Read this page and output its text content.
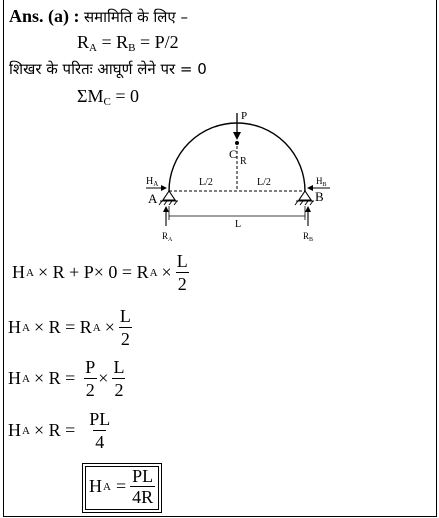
Ans. (a) : समामिति के लिए –
$R_A = R_B = P/2$
शिखर के परितः आघूर्ण लेने पर = 0
$\Sigma M_C = 0$
P
C
R
L/2	L/2
A	B
$H_A$	$H_B$
L
$R_A$	$R_B$
H A × R + P× 0 = R $A \times \frac{L}{2}$
H A × R = R $A \times \frac{L}{2}$
H $A \times R = \frac{P}{2} \times \frac{L}{2}$
H $A \times R = \frac{PL}{4}$
H $A = \frac{PL}{4R}$
